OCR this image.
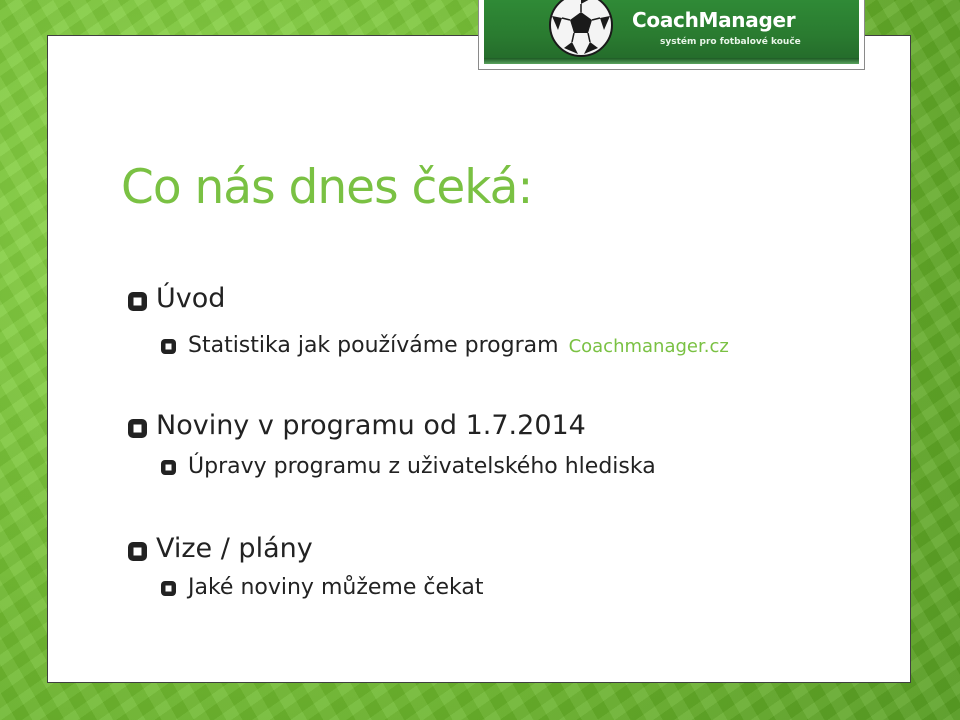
CoachManager
systém pro fotbalové kouče
Co nás dnes čeká:
Úvod
Statistika jak používáme program Coachmanager.cz
Noviny v programu od 1.7.2014
Úpravy programu z uživatelského hlediska
Vize / plány
Jaké noviny můžeme čekat
